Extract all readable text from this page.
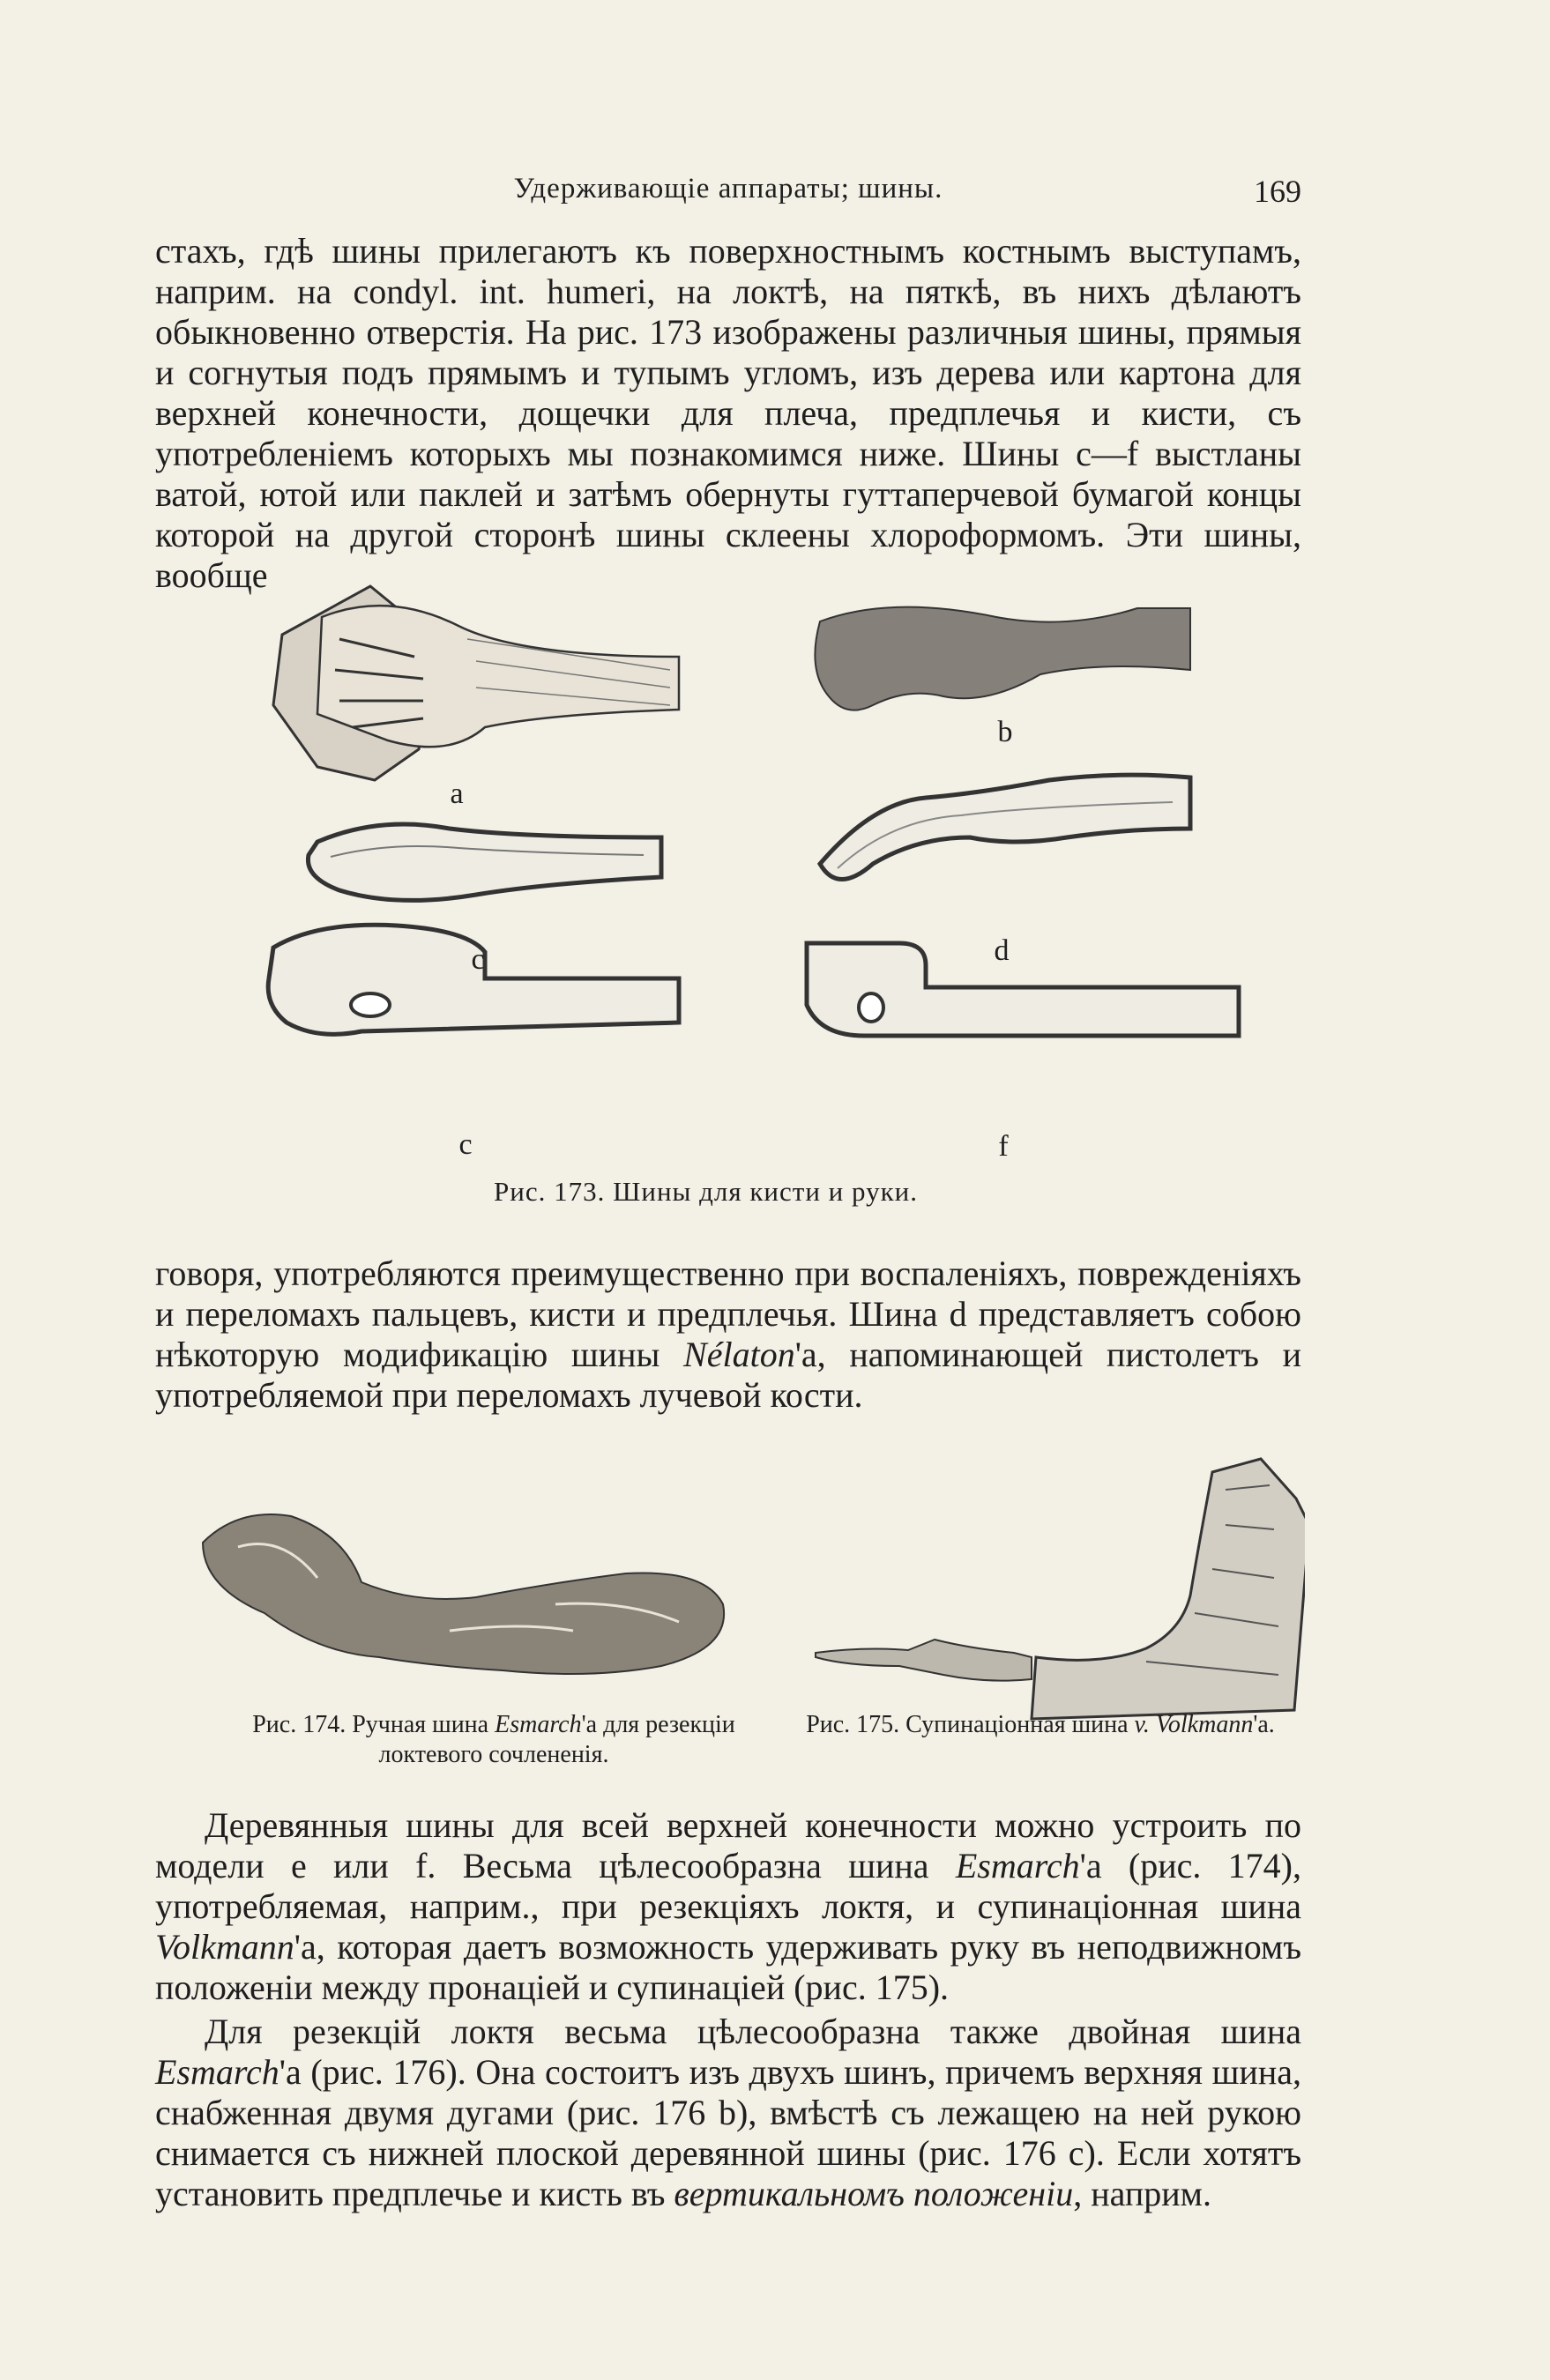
Удерживающіе аппараты; шины.	169

стахъ, гдѣ шины прилегаютъ къ поверхностнымъ костнымъ выступамъ, наприм. на condyl. int. humeri, на локтѣ, на пяткѣ, въ нихъ дѣлаютъ обыкновенно отверстія. На рис. 173 изображены различныя шины, прямыя и согнутыя подъ прямымъ и тупымъ угломъ, изъ дерева или картона для верхней конечности, дощечки для плеча, предплечья и кисти, съ употребленіемъ которыхъ мы познакомимся ниже. Шины c—f выстланы ватой, ютой или паклей и затѣмъ обернуты гуттаперчевой бумагой концы которой на другой сторонѣ шины склеены хлороформомъ. Эти шины, вообще

a
b
c	d
c	f
Рис. 173. Шины для кисти и руки.

говоря, употребляются преимущественно при воспаленіяхъ, поврежденіяхъ и переломахъ пальцевъ, кисти и предплечья. Шина d представляетъ собою нѣкоторую модификацію шины Nélaton'а, напоминающей пистолетъ и употребляемой при переломахъ лучевой кости.

Рис. 174. Ручная шина Esmarch'а для резекціи локтевого сочлененія.
Рис. 175. Супинаціонная шина v. Volkmann'а.

Деревянныя шины для всей верхней конечности можно устроить по модели e или f. Весьма цѣлесообразна шина Esmarch'а (рис. 174), употребляемая, наприм., при резекціяхъ локтя, и супинаціонная шина Volkmann'а, которая даетъ возможность удерживать руку въ неподвижномъ положеніи между пронаціей и супинаціей (рис. 175).

Для резекцій локтя весьма цѣлесообразна также двойная шина Esmarch'а (рис. 176). Она состоитъ изъ двухъ шинъ, причемъ верхняя шина, снабженная двумя дугами (рис. 176 b), вмѣстѣ съ лежащею на ней рукою снимается съ нижней плоской деревянной шины (рис. 176 c). Если хотятъ установить предплечье и кисть въ вертикальномъ положеніи, наприм.
